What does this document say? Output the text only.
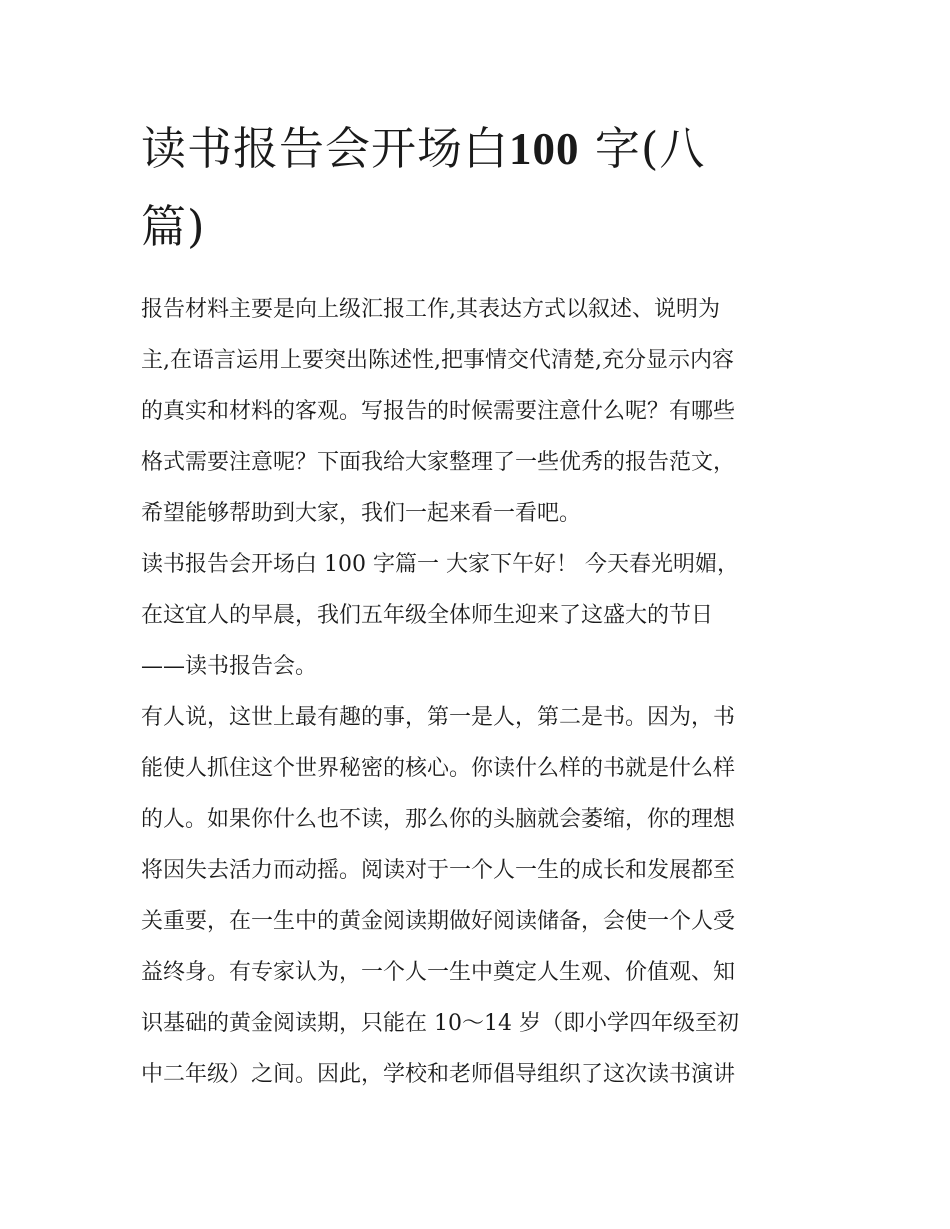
读书报告会开场白100 字(八
篇)
报告材料主要是向上级汇报工作,其表达方式以叙述、说明为
主,在语言运用上要突出陈述性,把事情交代清楚,充分显示内容
的真实和材料的客观。写报告的时候需要注意什么呢？有哪些
格式需要注意呢？下面我给大家整理了一些优秀的报告范文，
希望能够帮助到大家，我们一起来看一看吧。
读书报告会开场白 100 字篇一 大家下午好！ 今天春光明媚，
在这宜人的早晨，我们五年级全体师生迎来了这盛大的节日
——读书报告会。
有人说，这世上最有趣的事，第一是人，第二是书。因为，书
能使人抓住这个世界秘密的核心。你读什么样的书就是什么样
的人。如果你什么也不读，那么你的头脑就会萎缩，你的理想
将因失去活力而动摇。阅读对于一个人一生的成长和发展都至
关重要，在一生中的黄金阅读期做好阅读储备，会使一个人受
益终身。有专家认为，一个人一生中奠定人生观、价值观、知
识基础的黄金阅读期，只能在 10～14 岁（即小学四年级至初
中二年级）之间。因此，学校和老师倡导组织了这次读书演讲
